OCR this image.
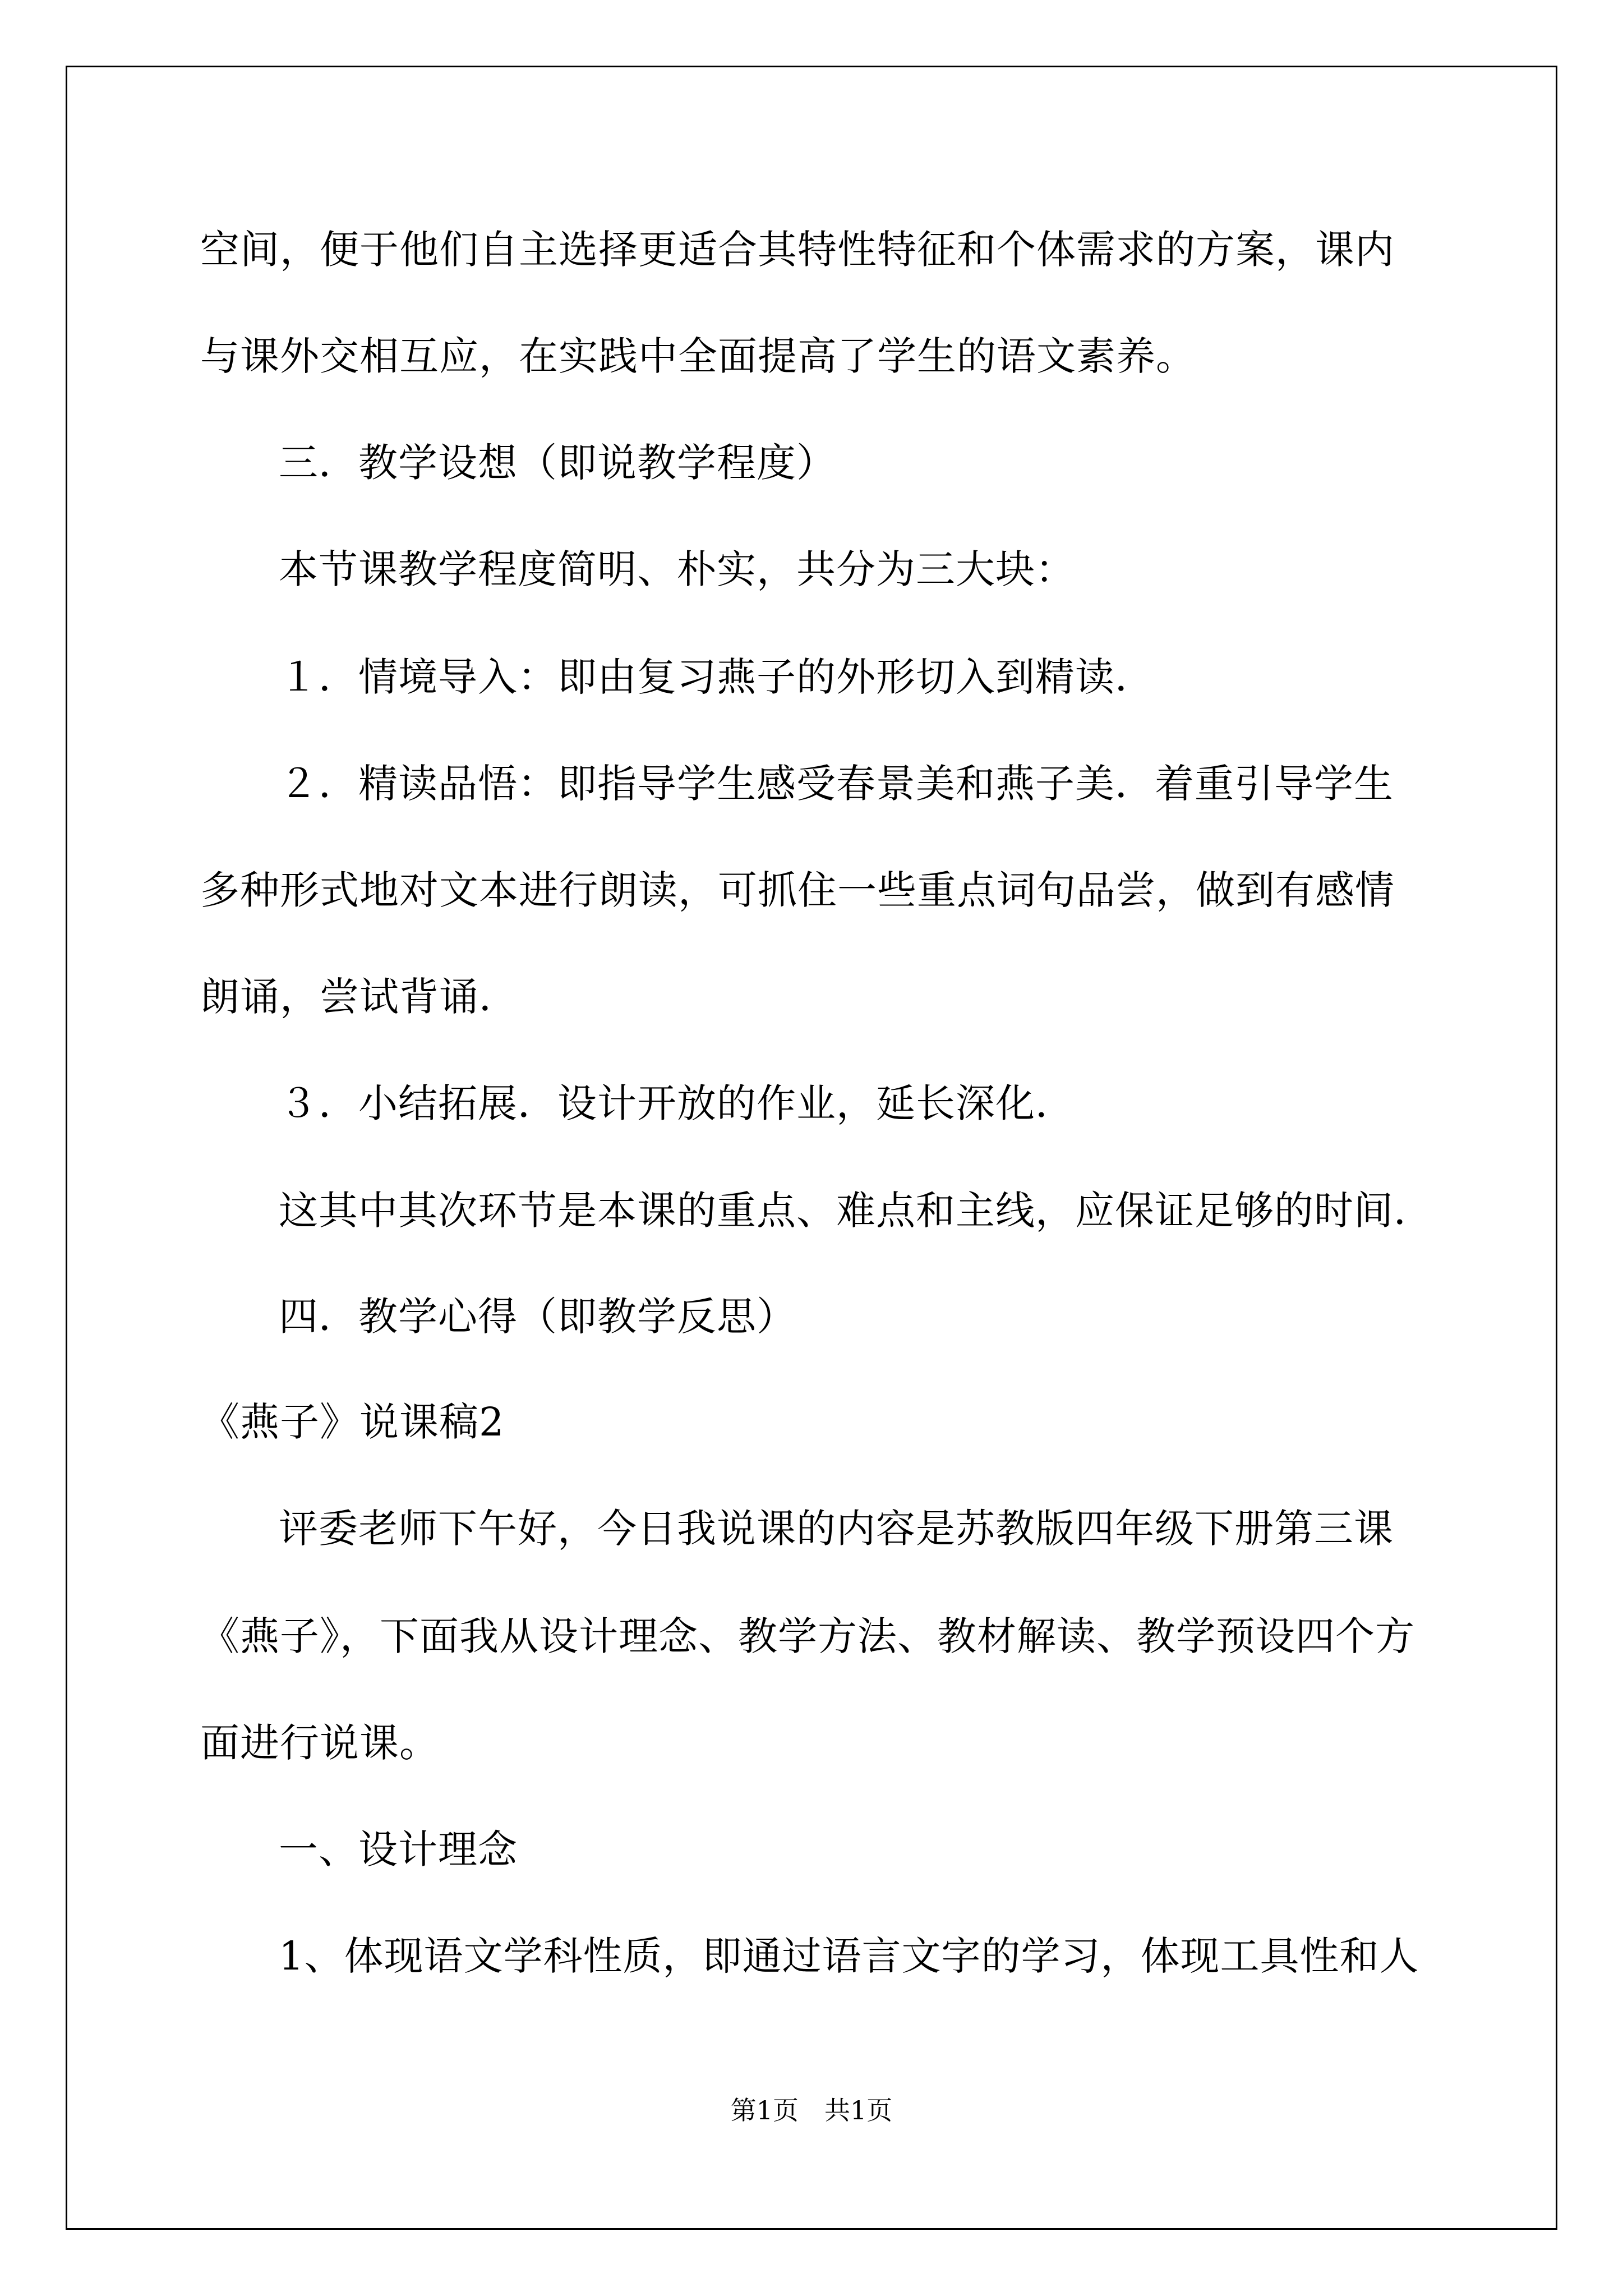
空间，便于他们自主选择更适合其特性特征和个体需求的方案，课内

与课外交相互应，在实践中全面提高了学生的语文素养。

三．教学设想（即说教学程度）

本节课教学程度简明、朴实，共分为三大块：

１．情境导入：即由复习燕子的外形切入到精读．

２．精读品悟：即指导学生感受春景美和燕子美．着重引导学生

多种形式地对文本进行朗读，可抓住一些重点词句品尝，做到有感情

朗诵，尝试背诵．

３．小结拓展．设计开放的作业，延长深化．

这其中其次环节是本课的重点、难点和主线，应保证足够的时间．

四．教学心得（即教学反思）

《燕子》说课稿2

评委老师下午好，今日我说课的内容是苏教版四年级下册第三课

《燕子》，下面我从设计理念、教学方法、教材解读、教学预设四个方

面进行说课。

一、设计理念

1、体现语文学科性质，即通过语言文字的学习，体现工具性和人

第1页　共1页
